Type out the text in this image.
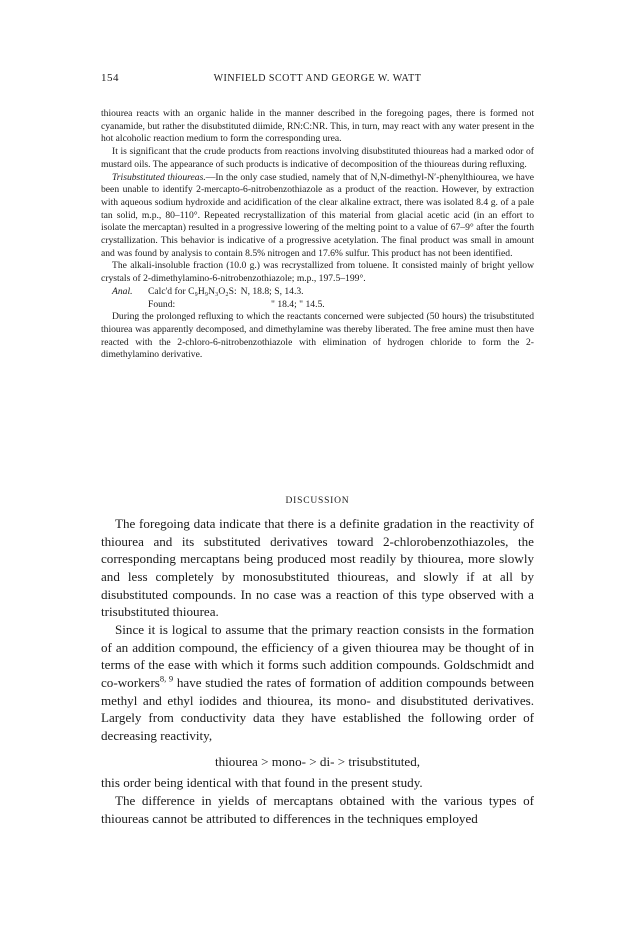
154	WINFIELD SCOTT AND GEORGE W. WATT

thiourea reacts with an organic halide in the manner described in the foregoing pages, there is formed not cyanamide, but rather the disubstituted diimide, RN:C:NR. This, in turn, may react with any water present in the hot alcoholic reaction medium to form the corresponding urea.

It is significant that the crude products from reactions involving disubstituted thioureas had a marked odor of mustard oils. The appearance of such products is indicative of decomposition of the thioureas during refluxing.

Trisubstituted thioureas.—In the only case studied, namely that of N,N-dimethyl-N′-phenylthiourea, we have been unable to identify 2-mercapto-6-nitrobenzothiazole as a product of the reaction. However, by extraction with aqueous sodium hydroxide and acidification of the clear alkaline extract, there was isolated 8.4 g. of a pale tan solid, m.p., 80–110°. Repeated recrystallization of this material from glacial acetic acid (in an effort to isolate the mercaptan) resulted in a progressive lowering of the melting point to a value of 67–9° after the fourth crystallization. This behavior is indicative of a progressive acetylation. The final product was small in amount and was found by analysis to contain 8.5% nitrogen and 17.6% sulfur. This product has not been identified.

The alkali-insoluble fraction (10.0 g.) was recrystallized from toluene. It consisted mainly of bright yellow crystals of 2-dimethylamino-6-nitrobenzothiazole; m.p., 197.5–199°.

Anal.	Calc'd for C₉H₉N₃O₂S: N, 18.8; S, 14.3.
Found:	" 18.4; " 14.5.

During the prolonged refluxing to which the reactants concerned were subjected (50 hours) the trisubstituted thiourea was apparently decomposed, and dimethylamine was thereby liberated. The free amine must then have reacted with the 2-chloro-6-nitrobenzothiazole with elimination of hydrogen chloride to form the 2-dimethylamino derivative.

DISCUSSION

The foregoing data indicate that there is a definite gradation in the reactivity of thiourea and its substituted derivatives toward 2-chlorobenzothiazoles, the corresponding mercaptans being produced most readily by thiourea, more slowly and less completely by monosubstituted thioureas, and slowly if at all by disubstituted compounds. In no case was a reaction of this type observed with a trisubstituted thiourea.

Since it is logical to assume that the primary reaction consists in the formation of an addition compound, the efficiency of a given thiourea may be thought of in terms of the ease with which it forms such addition compounds. Goldschmidt and co-workers$^{8, 9}$ have studied the rates of formation of addition compounds between methyl and ethyl iodides and thiourea, its mono- and disubstituted derivatives. Largely from conductivity data they have established the following order of decreasing reactivity,

thiourea > mono- > di- > trisubstituted,

this order being identical with that found in the present study.

The difference in yields of mercaptans obtained with the various types of thioureas cannot be attributed to differences in the techniques employed
